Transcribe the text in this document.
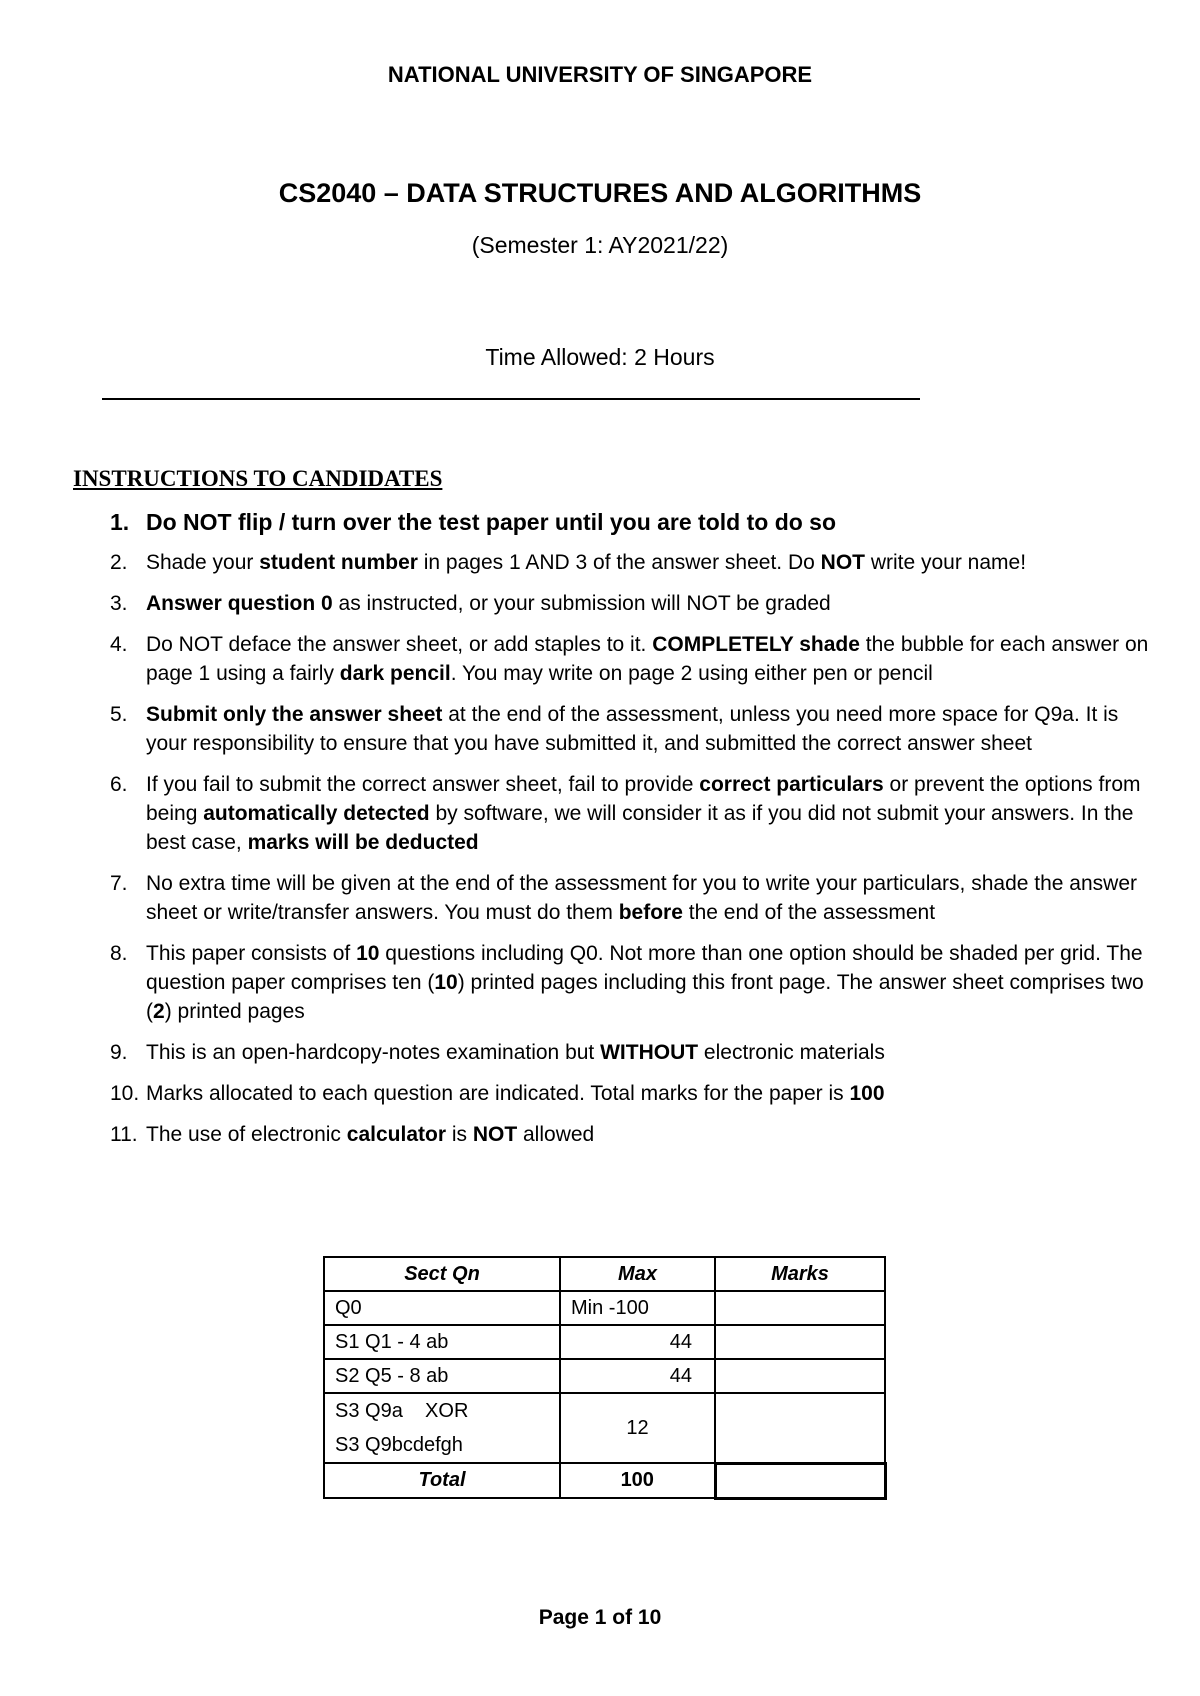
NATIONAL UNIVERSITY OF SINGAPORE
CS2040 – DATA STRUCTURES AND ALGORITHMS
(Semester 1: AY2021/22)
Time Allowed: 2 Hours
INSTRUCTIONS TO CANDIDATES
1. Do NOT flip / turn over the test paper until you are told to do so
2. Shade your student number in pages 1 AND 3 of the answer sheet. Do NOT write your name!
3. Answer question 0 as instructed, or your submission will NOT be graded
4. Do NOT deface the answer sheet, or add staples to it. COMPLETELY shade the bubble for each answer on page 1 using a fairly dark pencil. You may write on page 2 using either pen or pencil
5. Submit only the answer sheet at the end of the assessment, unless you need more space for Q9a. It is your responsibility to ensure that you have submitted it, and submitted the correct answer sheet
6. If you fail to submit the correct answer sheet, fail to provide correct particulars or prevent the options from being automatically detected by software, we will consider it as if you did not submit your answers. In the best case, marks will be deducted
7. No extra time will be given at the end of the assessment for you to write your particulars, shade the answer sheet or write/transfer answers. You must do them before the end of the assessment
8. This paper consists of 10 questions including Q0. Not more than one option should be shaded per grid. The question paper comprises ten (10) printed pages including this front page. The answer sheet comprises two (2) printed pages
9. This is an open-hardcopy-notes examination but WITHOUT electronic materials
10. Marks allocated to each question are indicated. Total marks for the paper is 100
11. The use of electronic calculator is NOT allowed
Sect Qn	Max	Marks
Q0	Min -100	
S1 Q1 - 4 ab	44	
S2 Q5 - 8 ab	44	

S3 Q9a    XOR
S3 Q9bcdefgh	12	
Total	100	
Page 1 of 10
